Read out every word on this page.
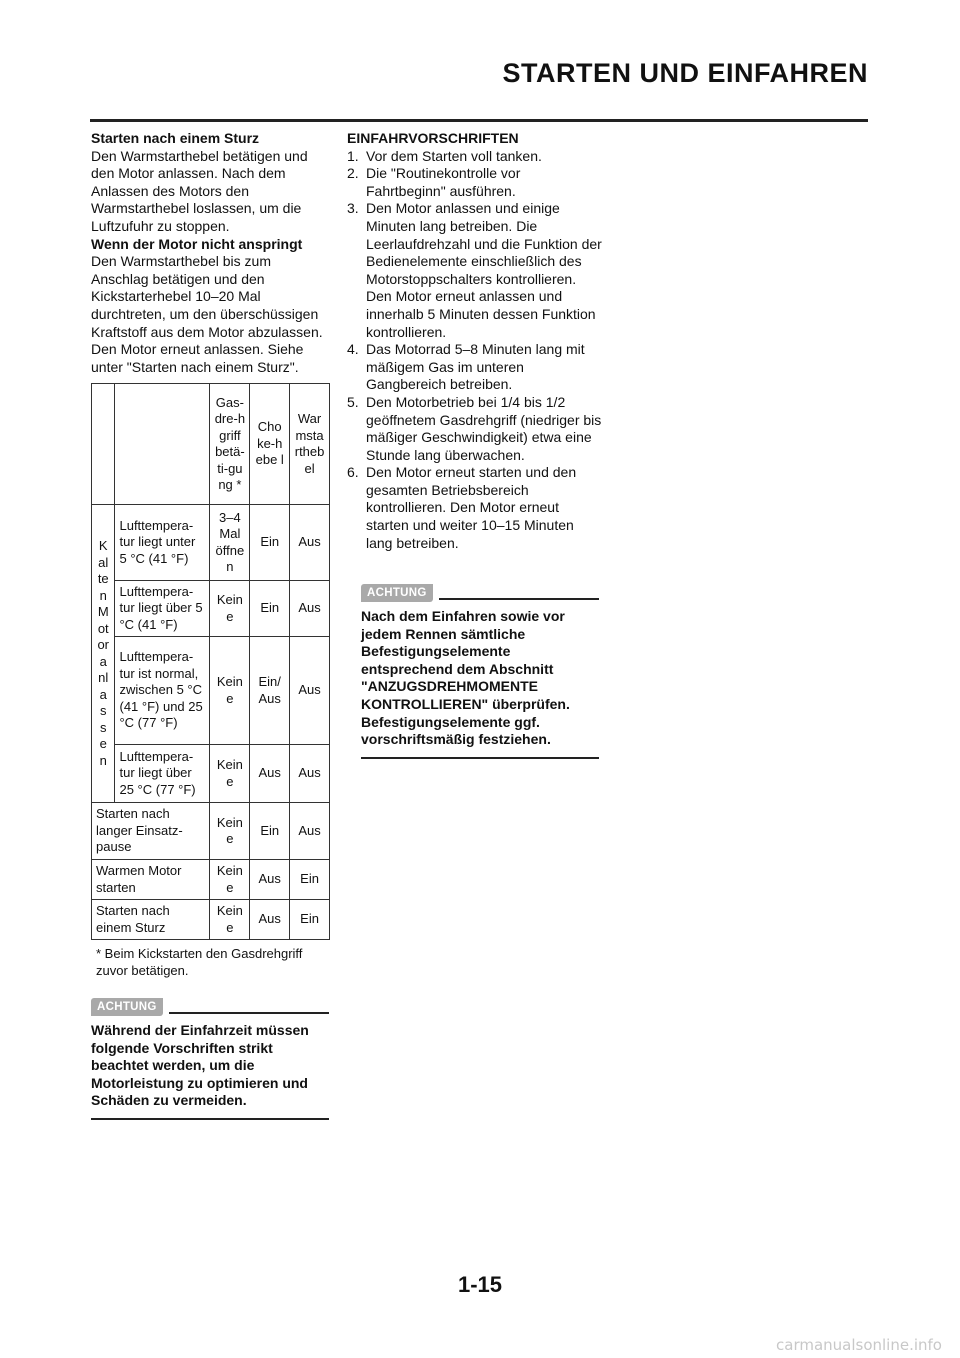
STARTEN UND EINFAHREN

Starten nach einem Sturz

Den Warmstarthebel betätigen und den Motor anlassen. Nach dem Anlassen des Motors den Warmstarthebel loslassen, um die Luftzufuhr zu stoppen.

Wenn der Motor nicht anspringt

Den Warmstarthebel bis zum Anschlag betätigen und den Kickstarterhebel 10–20 Mal durchtreten, um den überschüssigen Kraftstoff aus dem Motor abzulassen. Den Motor erneut anlassen. Siehe unter "Starten nach einem Sturz".

		Gas-dre-hgriff betä-ti-gung *	Cho ke-hebe l	War msta rtheb el
K al te n M ot or a nl a s s e n	Lufttempera-tur liegt unter 5 °C (41 °F)	3–4 Mal öffne n	Ein	Aus
	Lufttempera-tur liegt über 5 °C (41 °F)	Kein e	Ein	Aus
	Lufttempera-tur ist normal, zwischen 5 °C (41 °F) und 25 °C (77 °F)	Kein e	Ein/ Aus	Aus
	Lufttempera-tur liegt über 25 °C (77 °F)	Kein e	Aus	Aus
Starten nach langer Einsatz-pause		Kein e	Ein	Aus
Warmen Motor starten		Kein e	Aus	Ein
Starten nach einem Sturz		Kein e	Aus	Ein
* Beim Kickstarten den Gasdrehgriff zuvor betätigen.
ACHTUNG
Während der Einfahrzeit müssen folgende Vorschriften strikt beachtet werden, um die Motorleistung zu optimieren und Schäden zu vermeiden.

EINFAHRVORSCHRIFTEN

1. Vor dem Starten voll tanken.
2. Die "Routinekontrolle vor Fahrtbeginn" ausführen.
3. Den Motor anlassen und einige Minuten lang betreiben. Die Leerlaufdrehzahl und die Funktion der Bedienelemente einschließlich des Motorstoppschalters kontrollieren. Den Motor erneut anlassen und innerhalb 5 Minuten dessen Funktion kontrollieren.
4. Das Motorrad 5–8 Minuten lang mit mäßigem Gas im unteren Gangbereich betreiben.
5. Den Motorbetrieb bei 1/4 bis 1/2 geöffnetem Gasdrehgriff (niedriger bis mäßiger Geschwindigkeit) etwa eine Stunde lang überwachen.
6. Den Motor erneut starten und den gesamten Betriebsbereich kontrollieren. Den Motor erneut starten und weiter 10–15 Minuten lang betreiben.
ACHTUNG
Nach dem Einfahren sowie vor jedem Rennen sämtliche Befestigungselemente entsprechend dem Abschnitt "ANZUGSDREHMOMENTE KONTROLLIEREN" überprüfen. Befestigungselemente ggf. vorschriftsmäßig festziehen.
1-15
carmanualsonline.info
